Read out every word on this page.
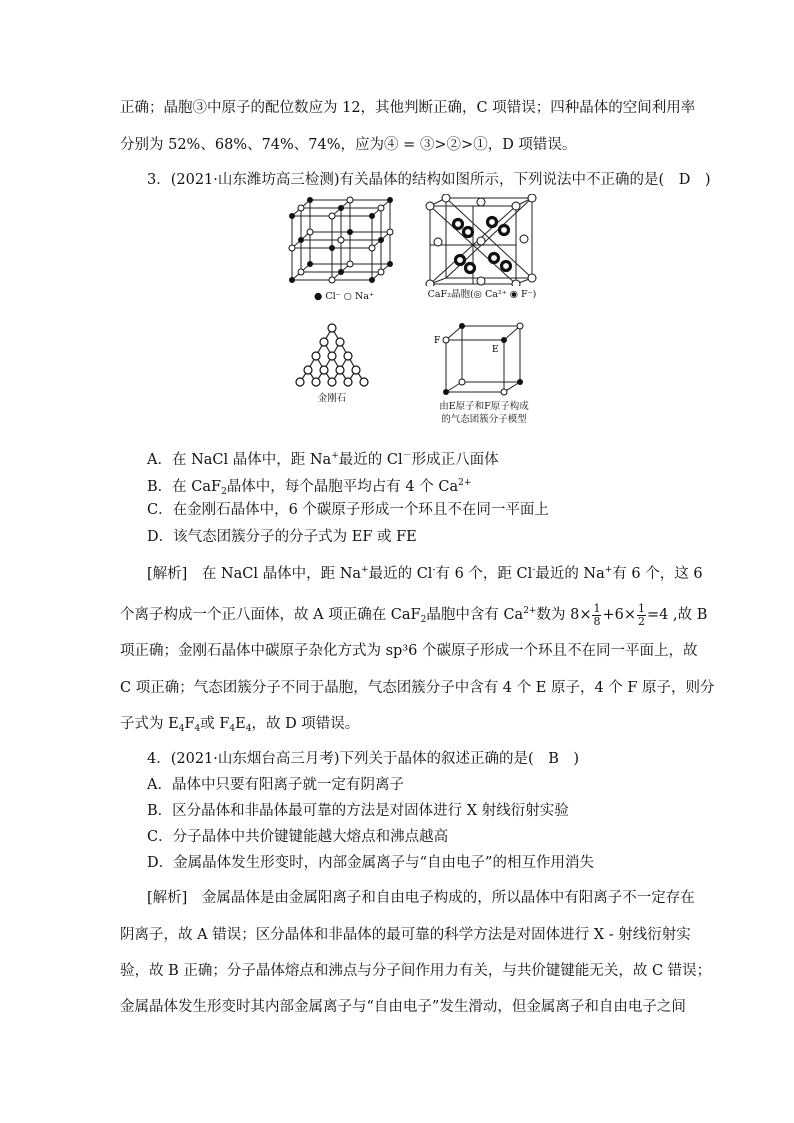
正确；晶胞③中原子的配位数应为 12，其他判断正确，C 项错误；四种晶体的空间利用率
分别为 52%、68%、74%、74%，应为④ = ③>②>①，D 项错误。
3．(2021·山东潍坊高三检测)有关晶体的结构如图所示，下列说法中不正确的是(　D　)
● Cl⁻ ○ Na⁺	CaF₂晶胞(◎ Ca²⁺ ◉ F⁻)
金刚石
F
E
由E原子和F原子构成
的气态团簇分子模型
A．在 NaCl 晶体中，距 Na+最近的 Cl－形成正八面体
B．在 CaF$_2$晶体中，每个晶胞平均占有 4 个 $Ca^{2+}$
C．在金刚石晶体中，6 个碳原子形成一个环且不在同一平面上
D．该气态团簇分子的分子式为 EF 或 FE
[解析]　在 NaCl 晶体中，距 Na+最近的 Cl-有 6 个，距 Cl-最近的 Na+有 6 个，这 6
个离子构成一个正八面体，故 A 项正确在 CaF$_2$晶胞中含有 $Ca^{2+}$数为 $8\times \frac{1}{8} +6\times \frac{1}{2} =4$ ,故 B
项正确；金刚石晶体中碳原子杂化方式为 sp³6 个碳原子形成一个环且不在同一平面上，故
C 项正确；气态团簇分子不同于晶胞，气态团簇分子中含有 4 个 E 原子，4 个 F 原子，则分
子式为 $E_4F_4$或 $F_4E_4$，故 D 项错误。
4．(2021·山东烟台高三月考)下列关于晶体的叙述正确的是(　B　)
A．晶体中只要有阳离子就一定有阴离子
B．区分晶体和非晶体最可靠的方法是对固体进行 X 射线衍射实验
C．分子晶体中共价键键能越大熔点和沸点越高
D．金属晶体发生形变时，内部金属离子与“自由电子”的相互作用消失
[解析]　金属晶体是由金属阳离子和自由电子构成的，所以晶体中有阳离子不一定存在
阴离子，故 A 错误；区分晶体和非晶体的最可靠的科学方法是对固体进行 X - 射线衍射实
验，故 B 正确；分子晶体熔点和沸点与分子间作用力有关，与共价键键能无关，故 C 错误；
金属晶体发生形变时其内部金属离子与“自由电子”发生滑动，但金属离子和自由电子之间
